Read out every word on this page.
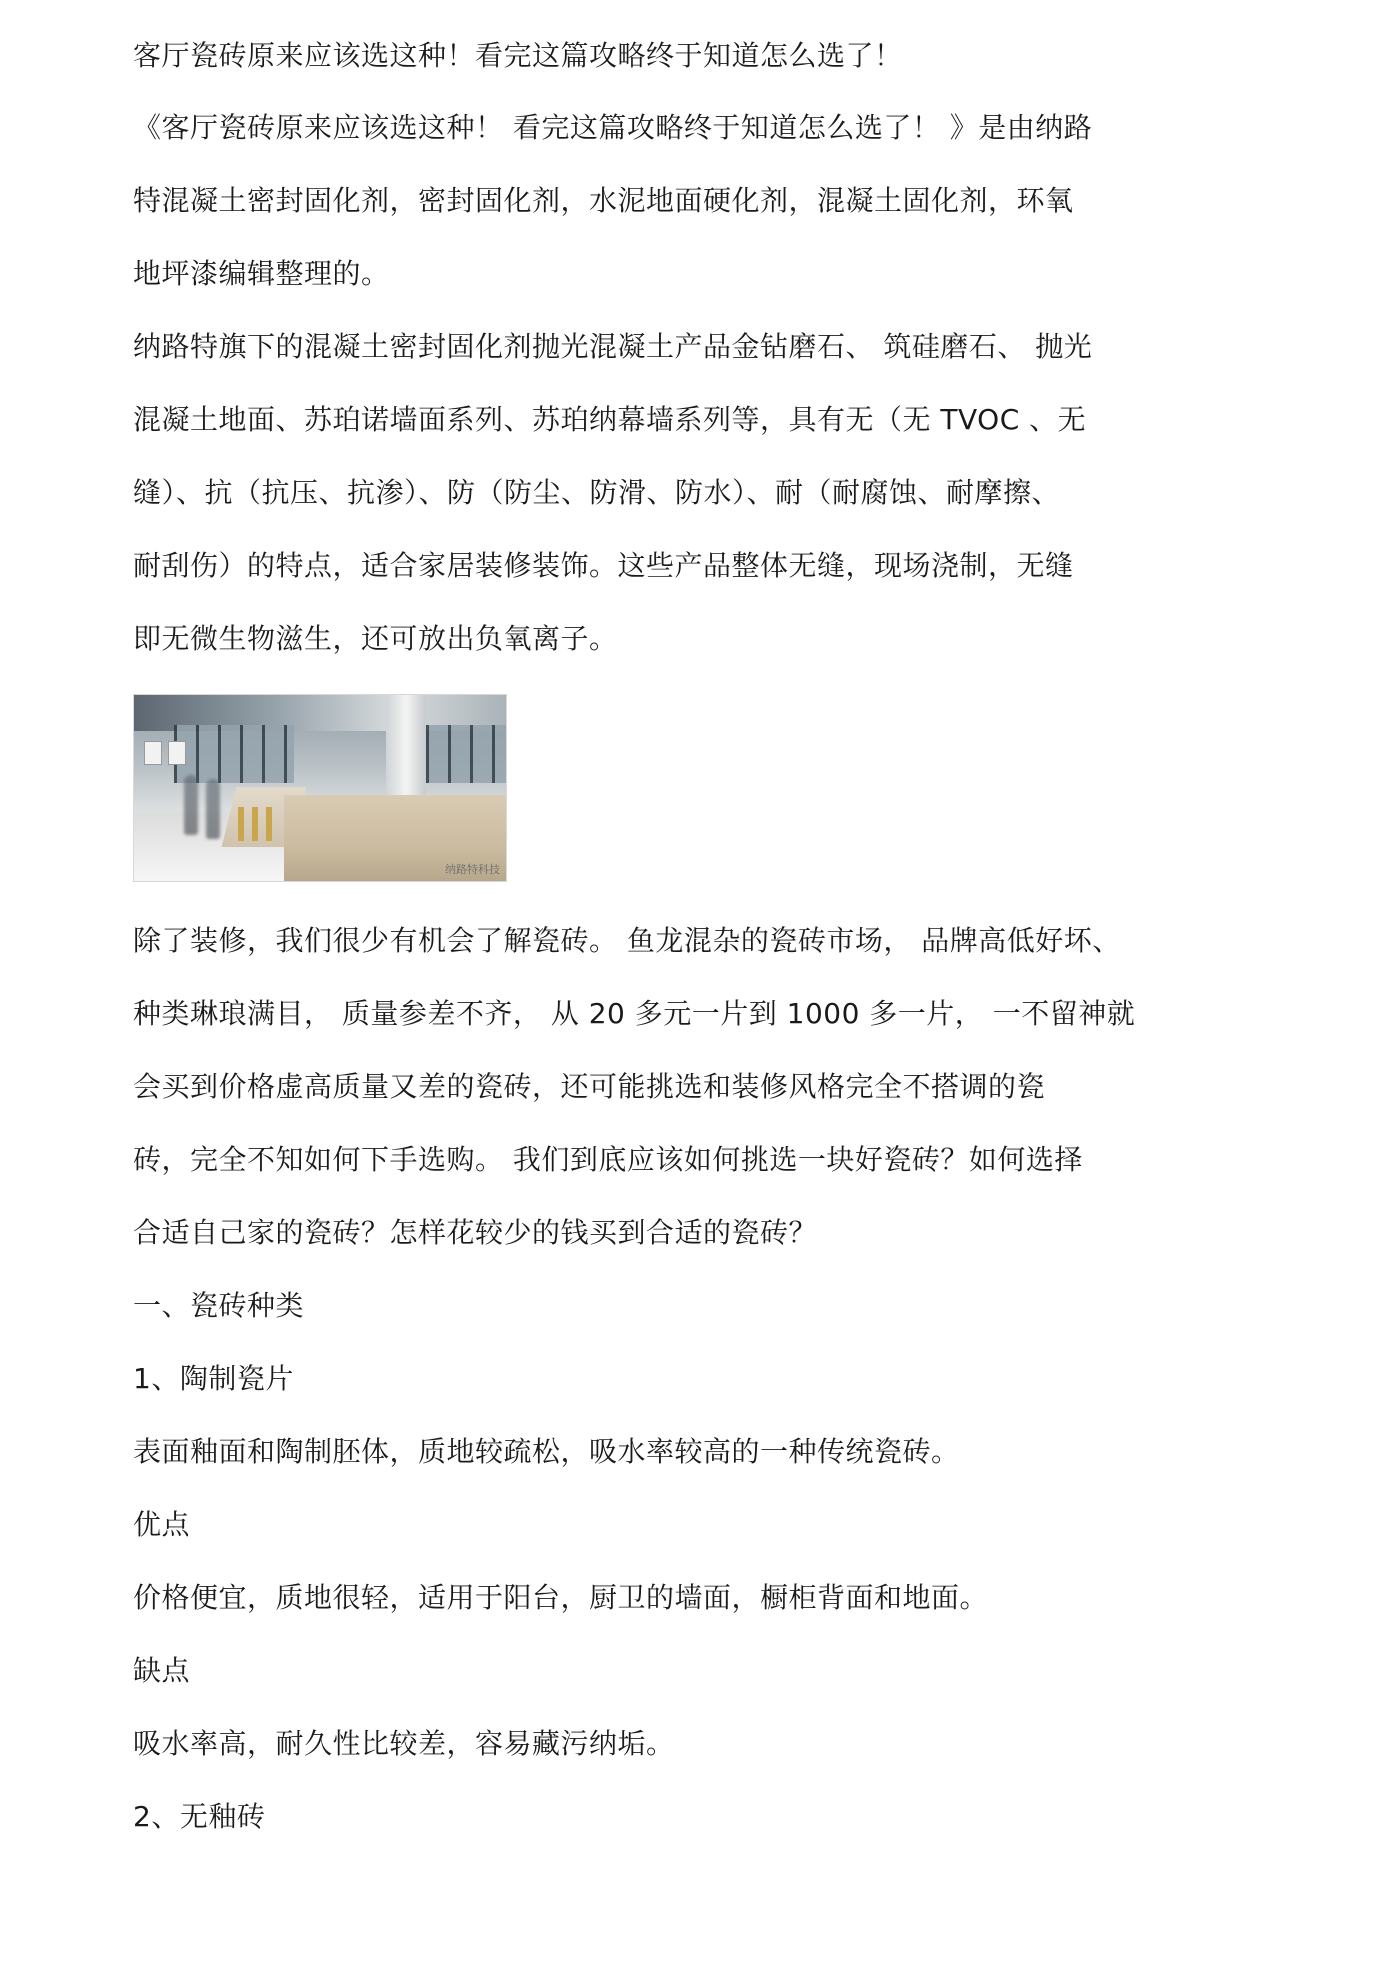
客厅瓷砖原来应该选这种！看完这篇攻略终于知道怎么选了！
《客厅瓷砖原来应该选这种！ 看完这篇攻略终于知道怎么选了！ 》是由纳路
特混凝土密封固化剂，密封固化剂，水泥地面硬化剂，混凝土固化剂，环氧
地坪漆编辑整理的。
纳路特旗下的混凝土密封固化剂抛光混凝土产品金钻磨石、 筑硅磨石、 抛光
混凝土地面、苏珀诺墙面系列、苏珀纳幕墙系列等，具有无（无 TVOC 、无
缝）、抗（抗压、抗渗）、防（防尘、防滑、防水）、耐（耐腐蚀、耐摩擦、
耐刮伤）的特点，适合家居装修装饰。这些产品整体无缝，现场浇制，无缝
即无微生物滋生，还可放出负氧离子。
纳路特科技
除了装修，我们很少有机会了解瓷砖。 鱼龙混杂的瓷砖市场， 品牌高低好坏、
种类琳琅满目， 质量参差不齐， 从 20 多元一片到 1000 多一片， 一不留神就
会买到价格虚高质量又差的瓷砖，还可能挑选和装修风格完全不搭调的瓷
砖，完全不知如何下手选购。 我们到底应该如何挑选一块好瓷砖？如何选择
合适自己家的瓷砖？怎样花较少的钱买到合适的瓷砖？
一、瓷砖种类
1、陶制瓷片
表面釉面和陶制胚体，质地较疏松，吸水率较高的一种传统瓷砖。
优点
价格便宜，质地很轻，适用于阳台，厨卫的墙面，橱柜背面和地面。
缺点
吸水率高，耐久性比较差，容易藏污纳垢。
2、无釉砖
